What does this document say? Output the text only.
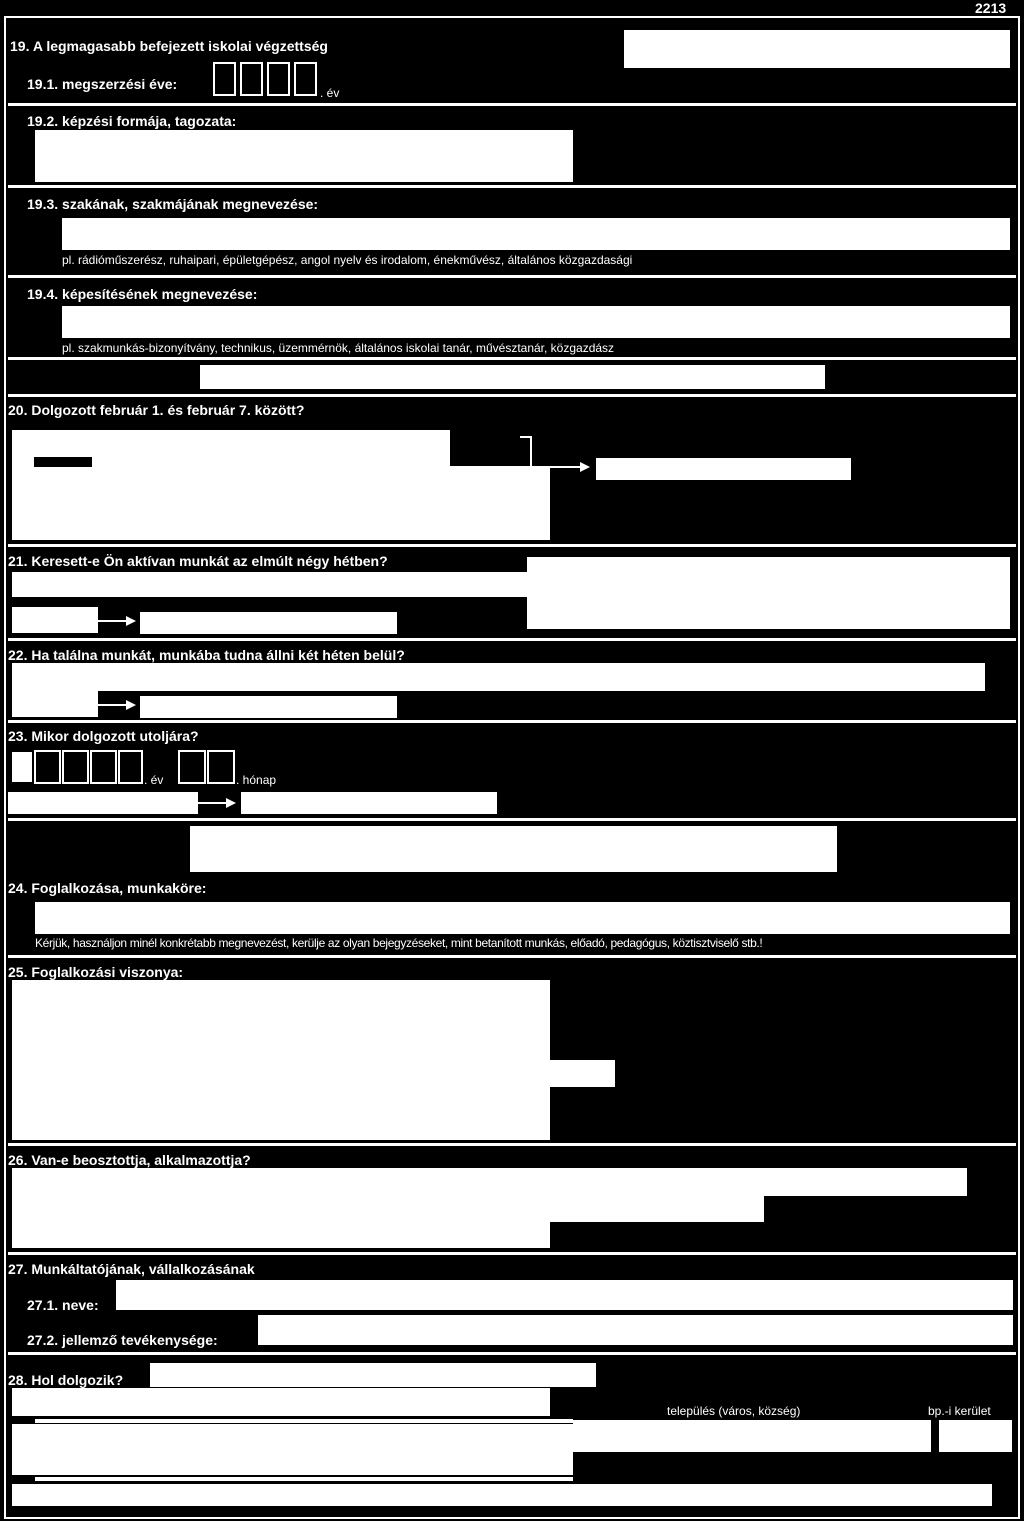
2213
19. A legmagasabb befejezett iskolai végzettség
19.1. megszerzési éve:
. év
19.2. képzési formája, tagozata:
19.3. szakának, szakmájának megnevezése:
pl. rádióműszerész, ruhaipari, épületgépész, angol nyelv és irodalom, énekművész, általános közgazdasági
19.4. képesítésének megnevezése:
pl. szakmunkás-bizonyítvány, technikus, üzemmérnök, általános iskolai tanár, művésztanár, közgazdász
20. Dolgozott február 1. és február 7. között?
21. Keresett-e Ön aktívan munkát az elmúlt négy hétben?
22. Ha találna munkát, munkába tudna állni két héten belül?
23. Mikor dolgozott utoljára?
. év	. hónap
24. Foglalkozása, munkaköre:
Kérjük, használjon minél konkrétabb megnevezést, kerülje az olyan bejegyzéseket, mint betanított munkás, előadó, pedagógus, köztisztviselő stb.!
25. Foglalkozási viszonya:
26. Van-e beosztottja, alkalmazottja?
27. Munkáltatójának, vállalkozásának
27.1. neve:
27.2. jellemző tevékenysége:
28. Hol dolgozik?
település (város, község)	bp.-i kerület
